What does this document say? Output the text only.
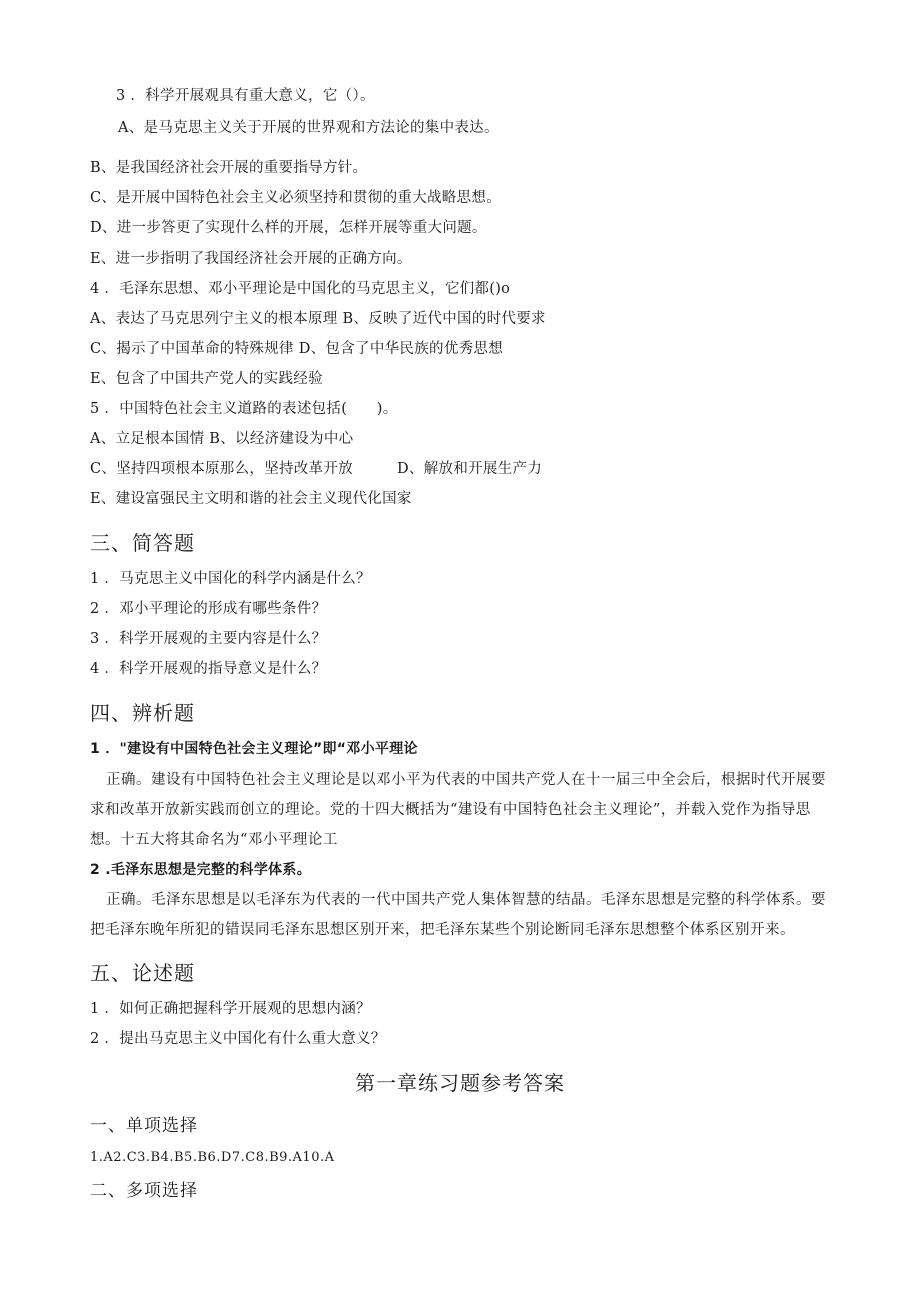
3 ．科学开展观具有重大意义，它（）。
A、是马克思主义关于开展的世界观和方法论的集中表达。
B、是我国经济社会开展的重要指导方针。
C、是开展中国特色社会主义必须坚持和贯彻的重大战略思想。
D、进一步答更了实现什么样的开展，怎样开展等重大问题。
E、进一步指明了我国经济社会开展的正确方向。
4 ．毛泽东思想、邓小平理论是中国化的马克思主义，它们都()o
A、表达了马克思列宁主义的根本原理 B、反映了近代中国的时代要求
C、揭示了中国革命的特殊规律 D、包含了中华民族的优秀思想
E、包含了中国共产党人的实践经验
5 ．中国特色社会主义道路的表述包括(　　)。
A、立足根本国情 B、以经济建设为中心
C、坚持四项根本原那么，坚持改革开放	D、解放和开展生产力
E、建设富强民主文明和谐的社会主义现代化国家
三、简答题
1 ．马克思主义中国化的科学内涵是什么？
2 ．邓小平理论的形成有哪些条件？
3 ．科学开展观的主要内容是什么？
4 ．科学开展观的指导意义是什么？
四、辨析题
1 ．"建设有中国特色社会主义理论”即“邓小平理论
正确。建设有中国特色社会主义理论是以邓小平为代表的中国共产党人在十一届三中全会后，根据时代开展要求和改革开放新实践而创立的理论。党的十四大概括为“建设有中国特色社会主义理论”，并载入党作为指导思想。十五大将其命名为“邓小平理论工
2 .毛泽东思想是完整的科学体系。
正确。毛泽东思想是以毛泽东为代表的一代中国共产党人集体智慧的结晶。毛泽东思想是完整的科学体系。要把毛泽东晚年所犯的错误同毛泽东思想区别开来，把毛泽东某些个别论断同毛泽东思想整个体系区别开来。
五、论述题
1 ．如何正确把握科学开展观的思想内涵？
2 ．提出马克思主义中国化有什么重大意义？
第一章练习题参考答案
一、单项选择
1.A2.C3.B4.B5.B6.D7.C8.B9.A10.A
二、多项选择
